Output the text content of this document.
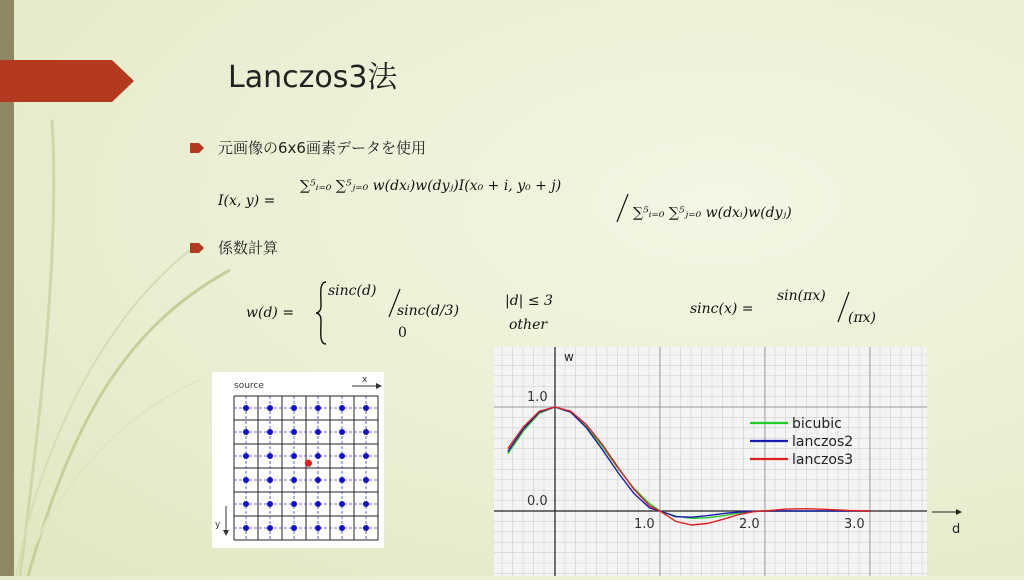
Lanczos3法
元画像の6x6画素データを使用
I(x, y) =
∑⁵ᵢ₌₀ ∑⁵ⱼ₌₀ w(dxᵢ)w(dyⱼ)I(x₀ + i, y₀ + j)
∑⁵ᵢ₌₀ ∑⁵ⱼ₌₀ w(dxᵢ)w(dyⱼ)
係数計算
w(d) =
sinc(d)
sinc(d/3)
0
|d| ≤ 3
other
sinc(x) =
sin(πx)
(πx)
source
x
y	1.0	2.0	3.0
1.0
0.0
bicubic
lanczos2
lanczos3
w
d
